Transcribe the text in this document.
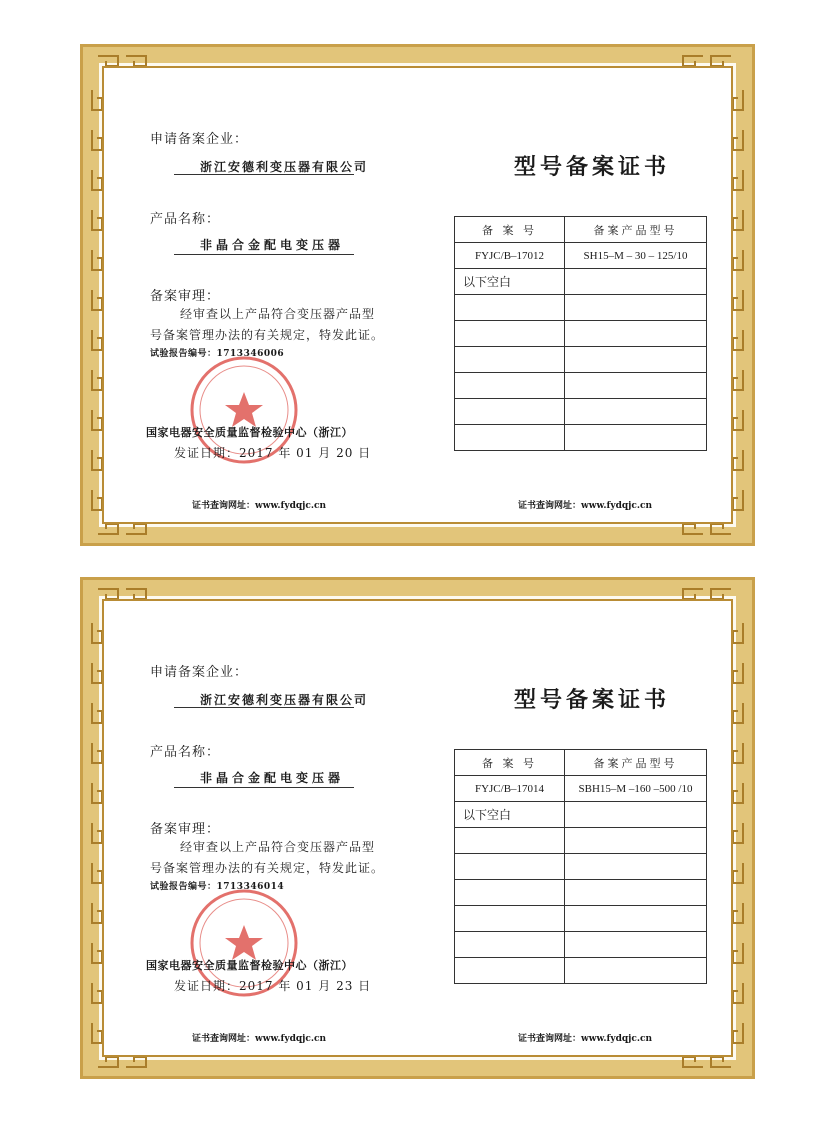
申请备案企业：
浙江安德利变压器有限公司
产品名称：
非晶合金配电变压器
备案审理：
经审查以上产品符合变压器产品型
号备案管理办法的有关规定，特发此证。
试验报告编号：1713346006
国家电器安全质量监督检验中心（浙江）
发证日期：2017 年 01 月 20 日
证书查询网址：www.fydqjc.cn
型号备案证书
备 案 号	备案产品型号
FYJC/B–17012	SH15–M – 30 – 125/10
以下空白	

证书查询网址：www.fydqjc.cn
申请备案企业：
浙江安德利变压器有限公司
产品名称：
非晶合金配电变压器
备案审理：
经审查以上产品符合变压器产品型
号备案管理办法的有关规定，特发此证。
试验报告编号：1713346014
国家电器安全质量监督检验中心（浙江）
发证日期：2017 年 01 月 23 日
证书查询网址：www.fydqjc.cn
型号备案证书
备 案 号	备案产品型号
FYJC/B–17014	SBH15–M –160 –500 /10
以下空白	

证书查询网址：www.fydqjc.cn
